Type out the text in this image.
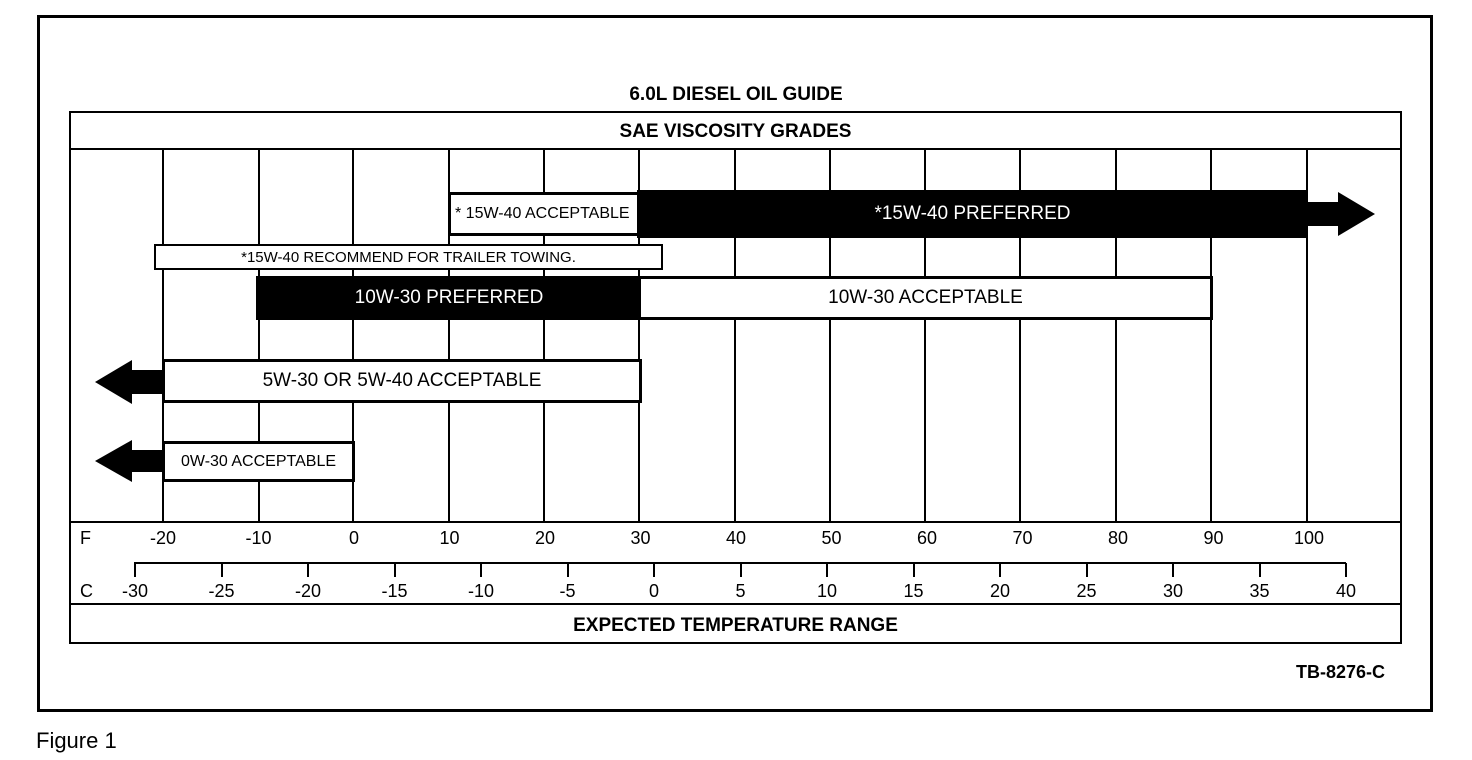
6.0L DIESEL OIL GUIDE
SAE VISCOSITY GRADES
EXPECTED TEMPERATURE RANGE
* 15W-40 ACCEPTABLE	*15W-40 PREFERRED
*15W-40 RECOMMEND FOR TRAILER TOWING.
10W-30 PREFERRED	10W-30 ACCEPTABLE
5W-30 OR 5W-40 ACCEPTABLE
0W-30 ACCEPTABLE
F
C
-20	-10	0	10	20	30	40	50	60	70	80	90	100
-30	-25	-20	-15	-10	-5	0	5	10	15	20	25	30	35	40
TB-8276-C
Figure 1
